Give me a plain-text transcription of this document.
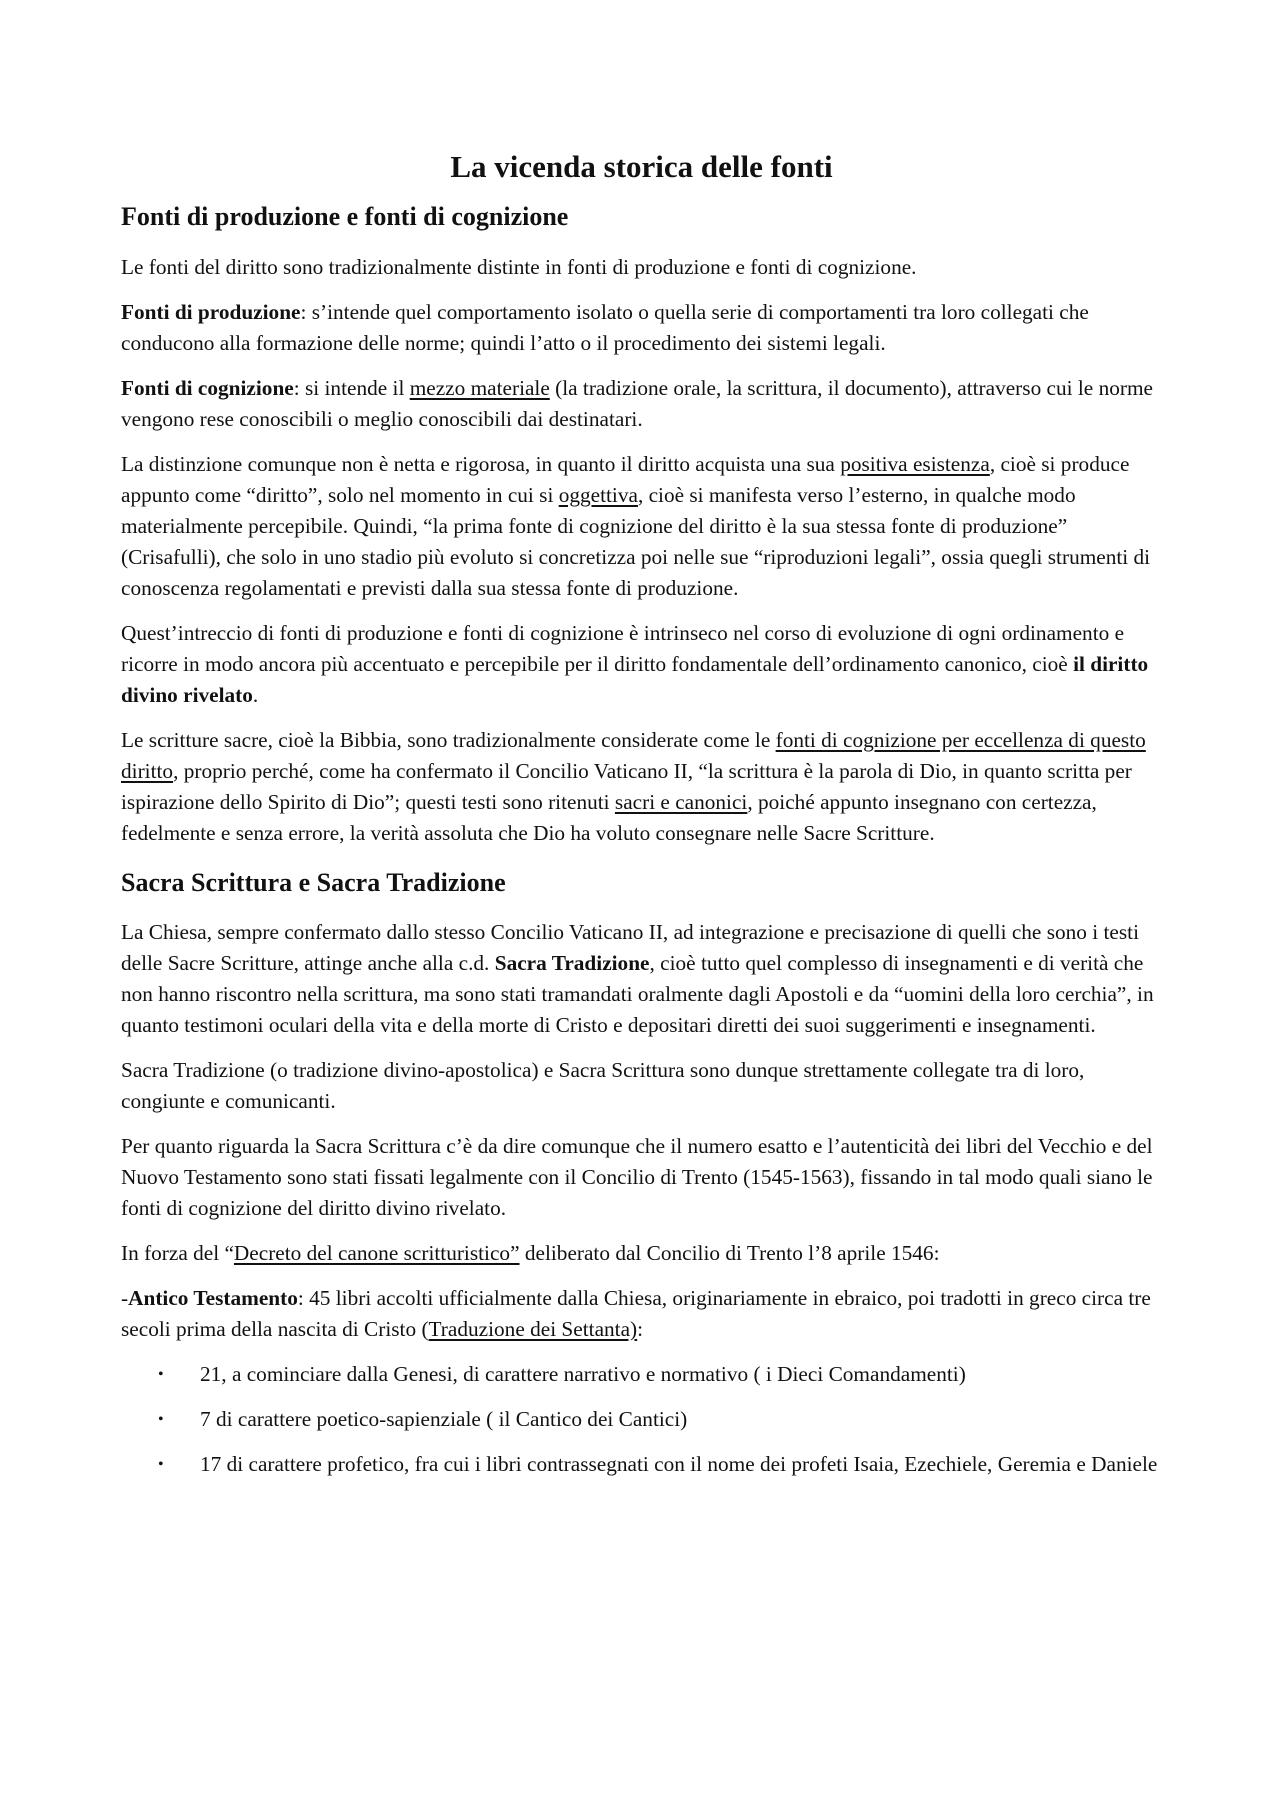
La vicenda storica delle fonti
Fonti di produzione e fonti di cognizione

Le fonti del diritto sono tradizionalmente distinte in fonti di produzione e fonti di cognizione.

Fonti di produzione: s’intende quel comportamento isolato o quella serie di comportamenti tra loro collegati che conducono alla formazione delle norme; quindi l’atto o il procedimento dei sistemi legali.

Fonti di cognizione: si intende il mezzo materiale (la tradizione orale, la scrittura, il documento), attraverso cui le norme vengono rese conoscibili o meglio conoscibili dai destinatari.

La distinzione comunque non è netta e rigorosa, in quanto il diritto acquista una sua positiva esistenza, cioè si produce appunto come “diritto”, solo nel momento in cui si oggettiva, cioè si manifesta verso l’esterno, in qualche modo materialmente percepibile. Quindi, “la prima fonte di cognizione del diritto è la sua stessa fonte di produzione” (Crisafulli), che solo in uno stadio più evoluto si concretizza poi nelle sue “riproduzioni legali”, ossia quegli strumenti di conoscenza regolamentati e previsti dalla sua stessa fonte di produzione.

Quest’intreccio di fonti di produzione e fonti di cognizione è intrinseco nel corso di evoluzione di ogni ordinamento e ricorre in modo ancora più accentuato e percepibile per il diritto fondamentale dell’ordinamento canonico, cioè il diritto divino rivelato.

Le scritture sacre, cioè la Bibbia, sono tradizionalmente considerate come le fonti di cognizione per eccellenza di questo diritto, proprio perché, come ha confermato il Concilio Vaticano II, “la scrittura è la parola di Dio, in quanto scritta per ispirazione dello Spirito di Dio”; questi testi sono ritenuti sacri e canonici, poiché appunto insegnano con certezza, fedelmente e senza errore, la verità assoluta che Dio ha voluto consegnare nelle Sacre Scritture.

Sacra Scrittura e Sacra Tradizione

La Chiesa, sempre confermato dallo stesso Concilio Vaticano II, ad integrazione e precisazione di quelli che sono i testi delle Sacre Scritture, attinge anche alla c.d. Sacra Tradizione, cioè tutto quel complesso di insegnamenti e di verità che non hanno riscontro nella scrittura, ma sono stati tramandati oralmente dagli Apostoli e da “uomini della loro cerchia”, in quanto testimoni oculari della vita e della morte di Cristo e depositari diretti dei suoi suggerimenti e insegnamenti.

Sacra Tradizione (o tradizione divino-apostolica) e Sacra Scrittura sono dunque strettamente collegate tra di loro, congiunte e comunicanti.

Per quanto riguarda la Sacra Scrittura c’è da dire comunque che il numero esatto e l’autenticità dei libri del Vecchio e del Nuovo Testamento sono stati fissati legalmente con il Concilio di Trento (1545-1563), fissando in tal modo quali siano le fonti di cognizione del diritto divino rivelato.

In forza del “Decreto del canone scritturistico” deliberato dal Concilio di Trento l’8 aprile 1546:

-Antico Testamento: 45 libri accolti ufficialmente dalla Chiesa, originariamente in ebraico, poi tradotti in greco circa tre secoli prima della nascita di Cristo (Traduzione dei Settanta):

• 21, a cominciare dalla Genesi, di carattere narrativo e normativo ( i Dieci Comandamenti)
• 7 di carattere poetico-sapienziale ( il Cantico dei Cantici)
• 17 di carattere profetico, fra cui i libri contrassegnati con il nome dei profeti Isaia, Ezechiele, Geremia e Daniele
